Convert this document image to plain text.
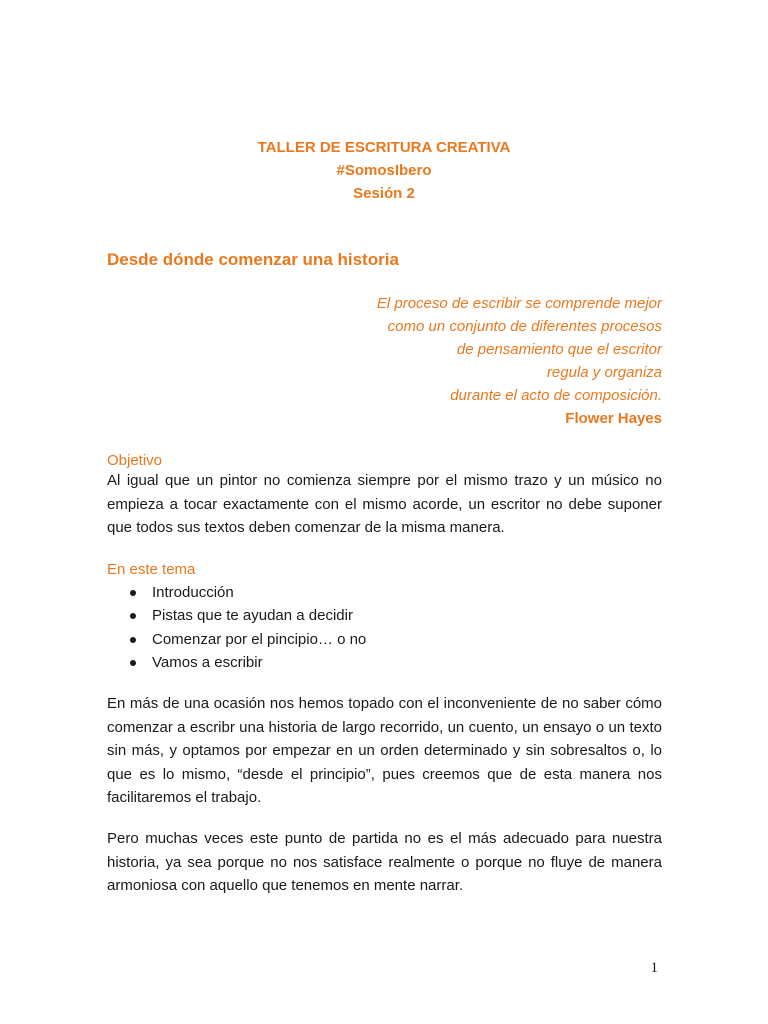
TALLER DE ESCRITURA CREATIVA
#SomosIbero
Sesión 2
Desde dónde comenzar una historia
El proceso de escribir se comprende mejor
como un conjunto de diferentes procesos
de pensamiento que el escritor
regula y organiza
durante el acto de composición.
Flower Hayes
Objetivo
Al igual que un pintor no comienza siempre por el mismo trazo y un músico no empieza a tocar exactamente con el mismo acorde, un escritor no debe suponer que todos sus textos deben comenzar de la misma manera.
En este tema
Introducción
Pistas que te ayudan a decidir
Comenzar por el pincipio… o no
Vamos a escribir
En más de una ocasión nos hemos topado con el inconveniente de no saber cómo comenzar a escribr una historia de largo recorrido, un cuento, un ensayo o un texto sin más, y optamos por empezar en un orden determinado y sin sobresaltos o, lo que es lo mismo, “desde el principio”, pues creemos que de esta manera nos facilitaremos el trabajo.
Pero muchas veces este punto de partida no es el más adecuado para nuestra historia, ya sea porque no nos satisface realmente o porque no fluye de manera armoniosa con aquello que tenemos en mente narrar.
1
